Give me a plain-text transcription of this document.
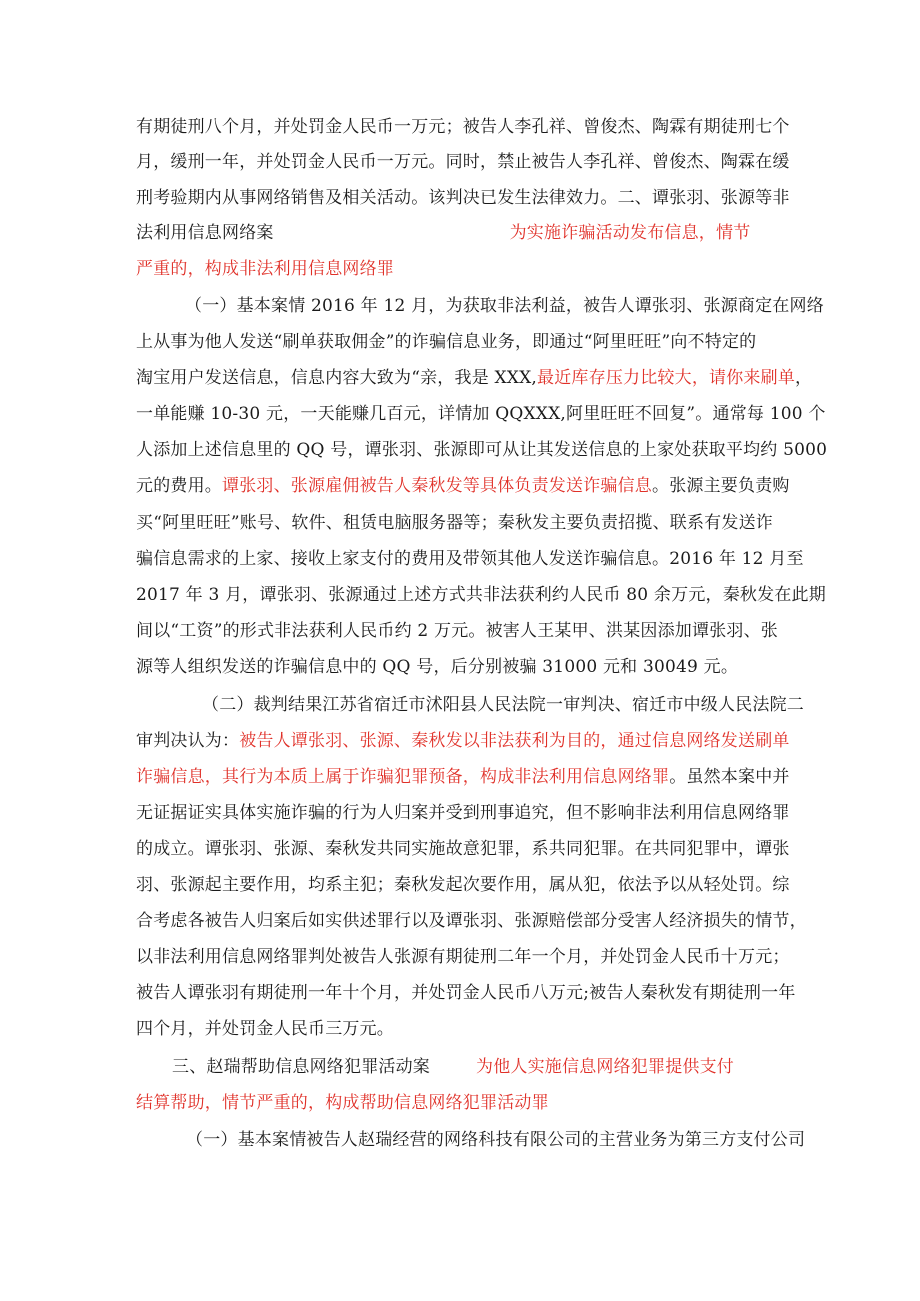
有期徒刑八个月，并处罚金人民币一万元；被告人李孔祥、曾俊杰、陶霖有期徒刑七个
月，缓刑一年，并处罚金人民币一万元。同时，禁止被告人李孔祥、曾俊杰、陶霖在缓
刑考验期内从事网络销售及相关活动。该判决已发生法律效力。二、谭张羽、张源等非
法利用信息网络案	为实施诈骗活动发布信息，情节
严重的，构成非法利用信息网络罪
（一）基本案情 2016 年 12 月，为获取非法利益，被告人谭张羽、张源商定在网络
上从事为他人发送“刷单获取佣金”的诈骗信息业务，即通过“阿里旺旺”向不特定的
淘宝用户发送信息，信息内容大致为“亲，我是 XXX,最近库存压力比较大，请你来刷单，
一单能赚 10-30 元，一天能赚几百元，详情加 QQXXX,阿里旺旺不回复”。通常每 100 个
人添加上述信息里的 QQ 号，谭张羽、张源即可从让其发送信息的上家处获取平均约 5000
元的费用。谭张羽、张源雇佣被告人秦秋发等具体负责发送诈骗信息。张源主要负责购
买“阿里旺旺”账号、软件、租赁电脑服务器等；秦秋发主要负责招揽、联系有发送诈
骗信息需求的上家、接收上家支付的费用及带领其他人发送诈骗信息。2016 年 12 月至
2017 年 3 月，谭张羽、张源通过上述方式共非法获利约人民币 80 余万元，秦秋发在此期
间以“工资”的形式非法获利人民币约 2 万元。被害人王某甲、洪某因添加谭张羽、张
源等人组织发送的诈骗信息中的 QQ 号，后分别被骗 31000 元和 30049 元。
（二）裁判结果江苏省宿迁市沭阳县人民法院一审判决、宿迁市中级人民法院二
审判决认为：被告人谭张羽、张源、秦秋发以非法获利为目的，通过信息网络发送刷单
诈骗信息，其行为本质上属于诈骗犯罪预备，构成非法利用信息网络罪。虽然本案中并
无证据证实具体实施诈骗的行为人归案并受到刑事追究，但不影响非法利用信息网络罪
的成立。谭张羽、张源、秦秋发共同实施故意犯罪，系共同犯罪。在共同犯罪中，谭张
羽、张源起主要作用，均系主犯；秦秋发起次要作用，属从犯，依法予以从轻处罚。综
合考虑各被告人归案后如实供述罪行以及谭张羽、张源赔偿部分受害人经济损失的情节，
以非法利用信息网络罪判处被告人张源有期徒刑二年一个月，并处罚金人民币十万元；
被告人谭张羽有期徒刑一年十个月，并处罚金人民币八万元;被告人秦秋发有期徒刑一年
四个月，并处罚金人民币三万元。
三、赵瑞帮助信息网络犯罪活动案	为他人实施信息网络犯罪提供支付
结算帮助，情节严重的，构成帮助信息网络犯罪活动罪
（一）基本案情被告人赵瑞经营的网络科技有限公司的主营业务为第三方支付公司
